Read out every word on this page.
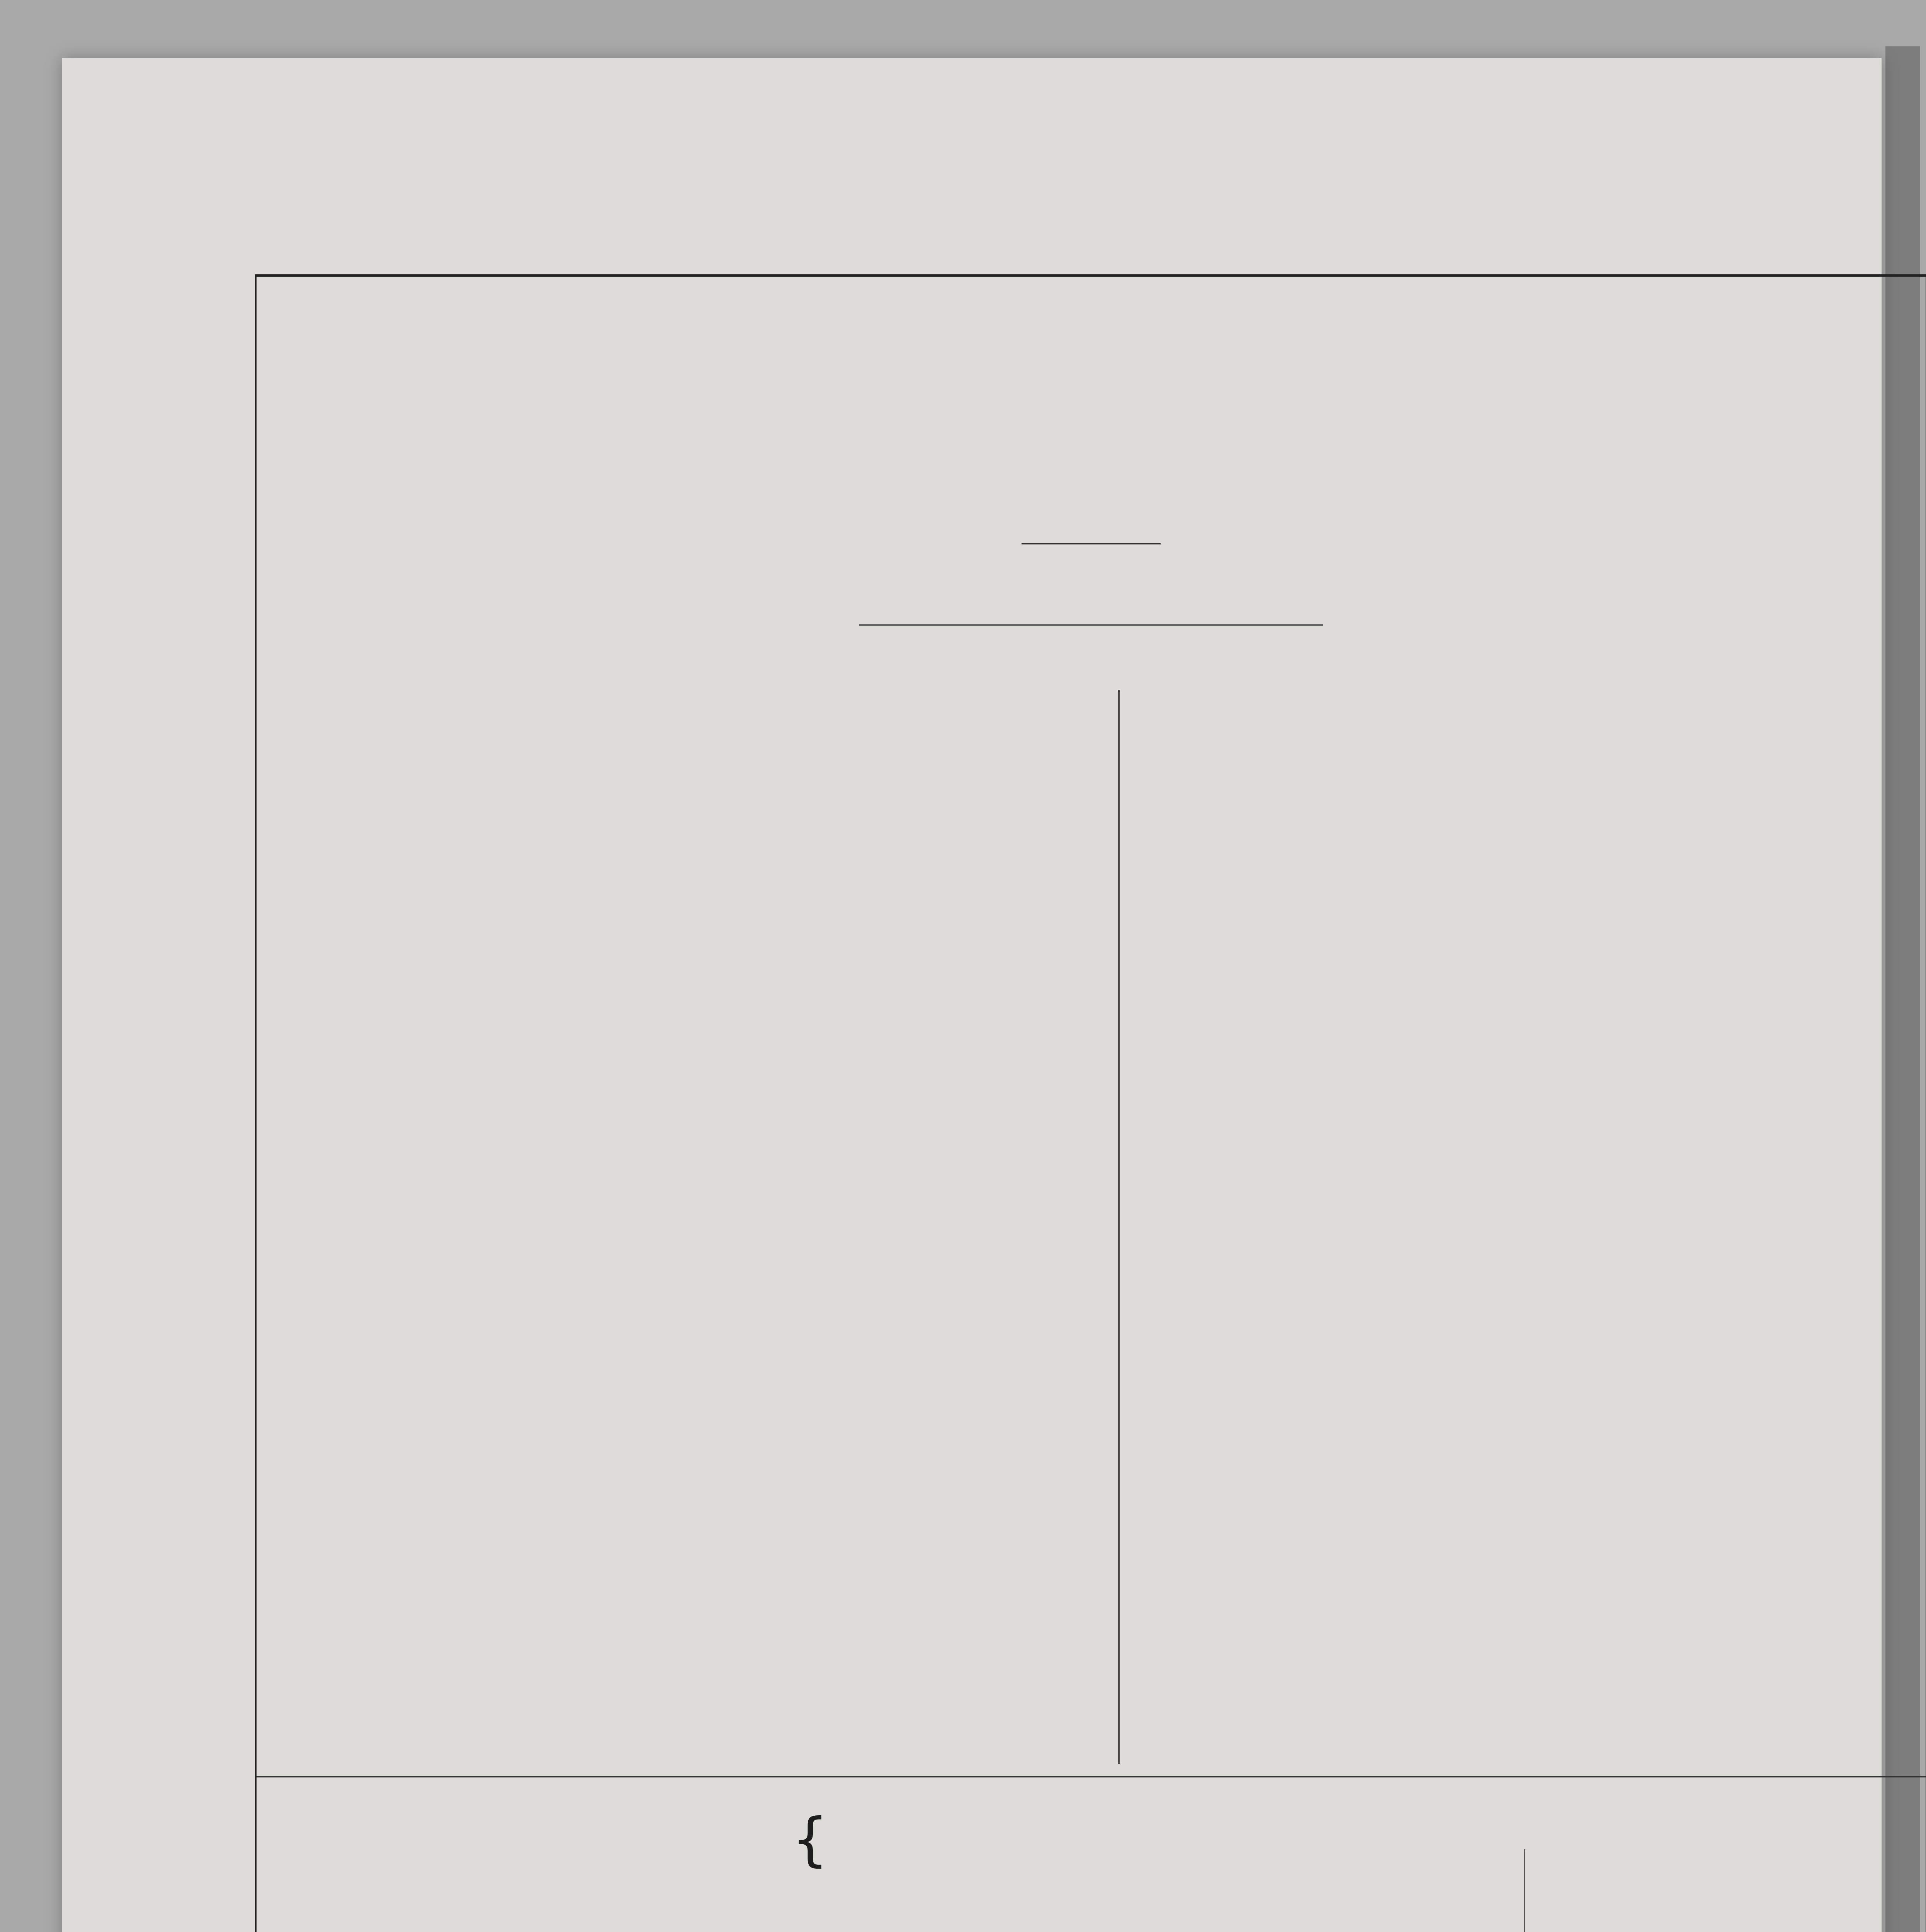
{
